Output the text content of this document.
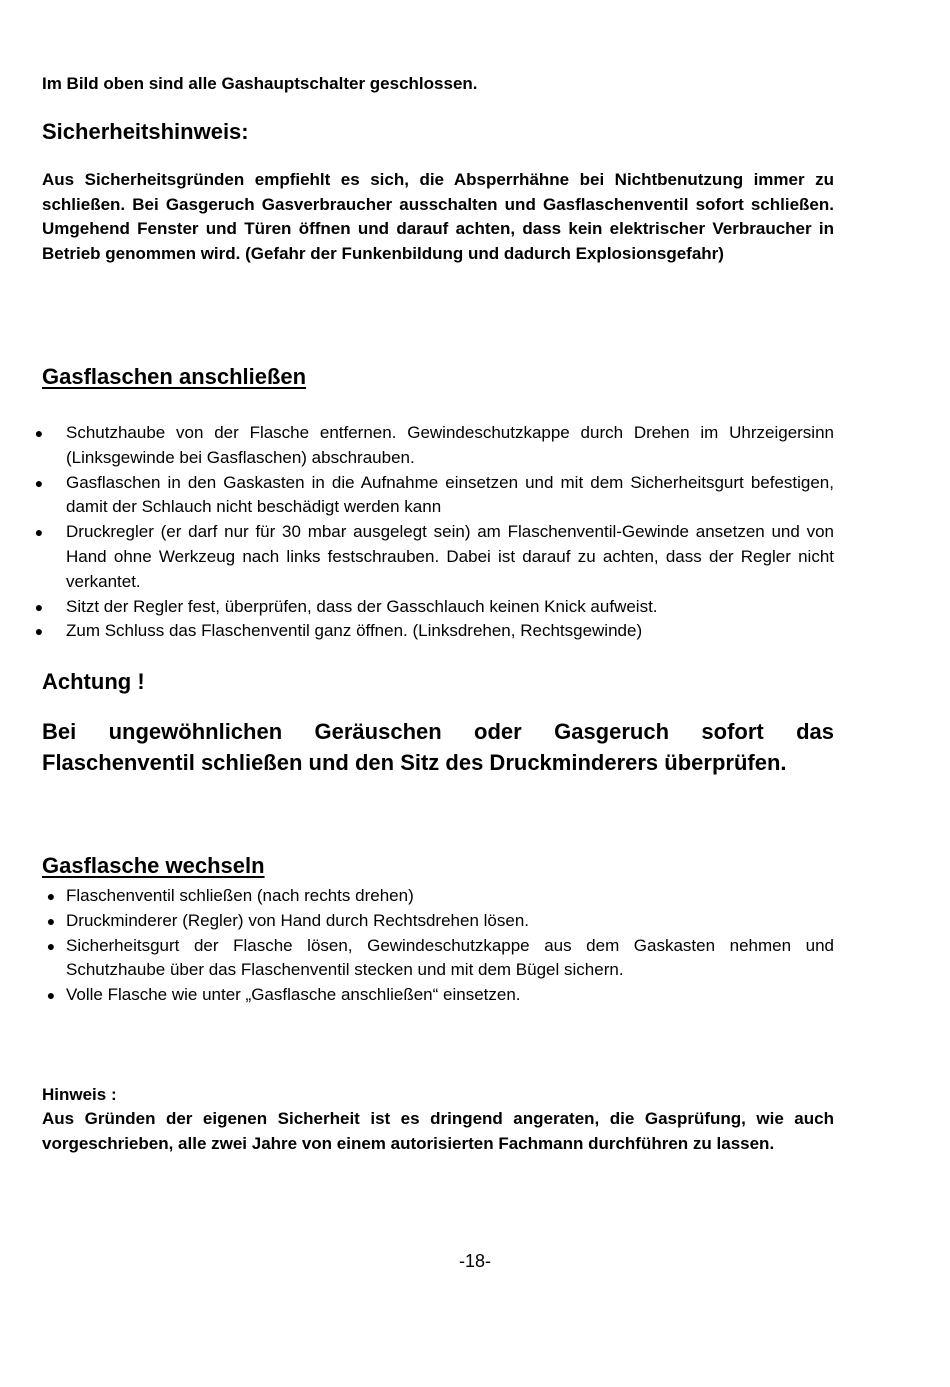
Im Bild oben sind alle Gashauptschalter geschlossen.
Sicherheitshinweis:
Aus Sicherheitsgründen empfiehlt es sich, die Absperrhähne bei Nichtbenutzung immer zu schließen. Bei Gasgeruch Gasverbraucher ausschalten und Gasflaschenventil sofort schließen. Umgehend Fenster und Türen öffnen und darauf achten, dass kein elektrischer Verbraucher in Betrieb genommen wird. (Gefahr der Funkenbildung und dadurch Explosionsgefahr)
Gasflaschen anschließen
● Schutzhaube von der Flasche entfernen. Gewindeschutzkappe durch Drehen im Uhrzeigersinn (Linksgewinde bei Gasflaschen) abschrauben.
● Gasflaschen in den Gaskasten in die Aufnahme einsetzen und mit dem Sicherheitsgurt befestigen, damit der Schlauch nicht beschädigt werden kann
● Druckregler (er darf nur für 30 mbar ausgelegt sein) am Flaschenventil-Gewinde ansetzen und von Hand ohne Werkzeug nach links festschrauben. Dabei ist darauf zu achten, dass der Regler nicht verkantet.
● Sitzt der Regler fest, überprüfen, dass der Gasschlauch keinen Knick aufweist.
● Zum Schluss das Flaschenventil ganz öffnen. (Linksdrehen, Rechtsgewinde)
Achtung !
Bei ungewöhnlichen Geräuschen oder Gasgeruch sofort das Flaschenventil schließen und den Sitz des Druckminderers überprüfen.
Gasflasche wechseln
● Flaschenventil schließen (nach rechts drehen)
● Druckminderer (Regler) von Hand durch Rechtsdrehen lösen.
● Sicherheitsgurt der Flasche lösen, Gewindeschutzkappe aus dem Gaskasten nehmen und Schutzhaube über das Flaschenventil stecken und mit dem Bügel sichern.
● Volle Flasche wie unter „Gasflasche anschließen“ einsetzen.
Hinweis :
Aus Gründen der eigenen Sicherheit ist es dringend angeraten, die Gasprüfung, wie auch vorgeschrieben, alle zwei Jahre von einem autorisierten Fachmann durchführen zu lassen.
-18-
